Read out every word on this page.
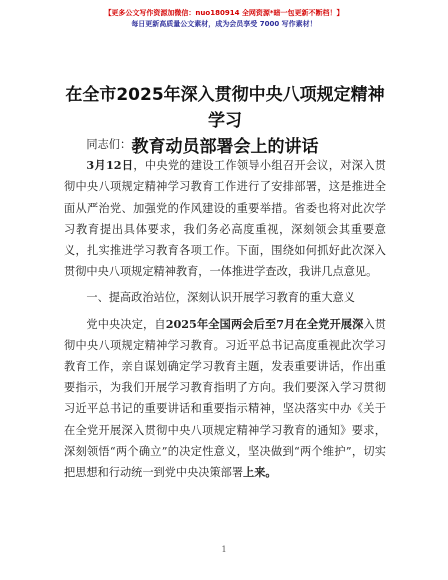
【更多公文写作资源加微信：nuo180914 全网资源*暗一包更新不断档！】
每日更新高质量公文素材，成为会员享受 7000 写作素材！
在全市2025年深入贯彻中央八项规定精神学习
教育动员部署会上的讲话

同志们：

3月12日，中央党的建设工作领导小组召开会议，对深入贯彻中央八项规定精神学习教育工作进行了安排部署，这是推进全面从严治党、加强党的作风建设的重要举措。省委也将对此次学习教育提出具体要求，我们务必高度重视，深刻领会其重要意义，扎实推进学习教育各项工作。下面，围绕如何抓好此次深入贯彻中央八项规定精神教育，一体推进学查改，我讲几点意见。

一、提高政治站位，深刻认识开展学习教育的重大意义

党中央决定，自2025年全国两会后至7月在全党开展深入贯彻中央八项规定精神学习教育。习近平总书记高度重视此次学习教育工作，亲自谋划确定学习教育主题，发表重要讲话，作出重要指示，为我们开展学习教育指明了方向。我们要深入学习贯彻习近平总书记的重要讲话和重要指示精神，坚决落实中办《关于在全党开展深入贯彻中央八项规定精神学习教育的通知》要求，深刻领悟“两个确立”的决定性意义，坚决做到“两个维护”，切实把思想和行动统一到党中央决策部署上来。

1
